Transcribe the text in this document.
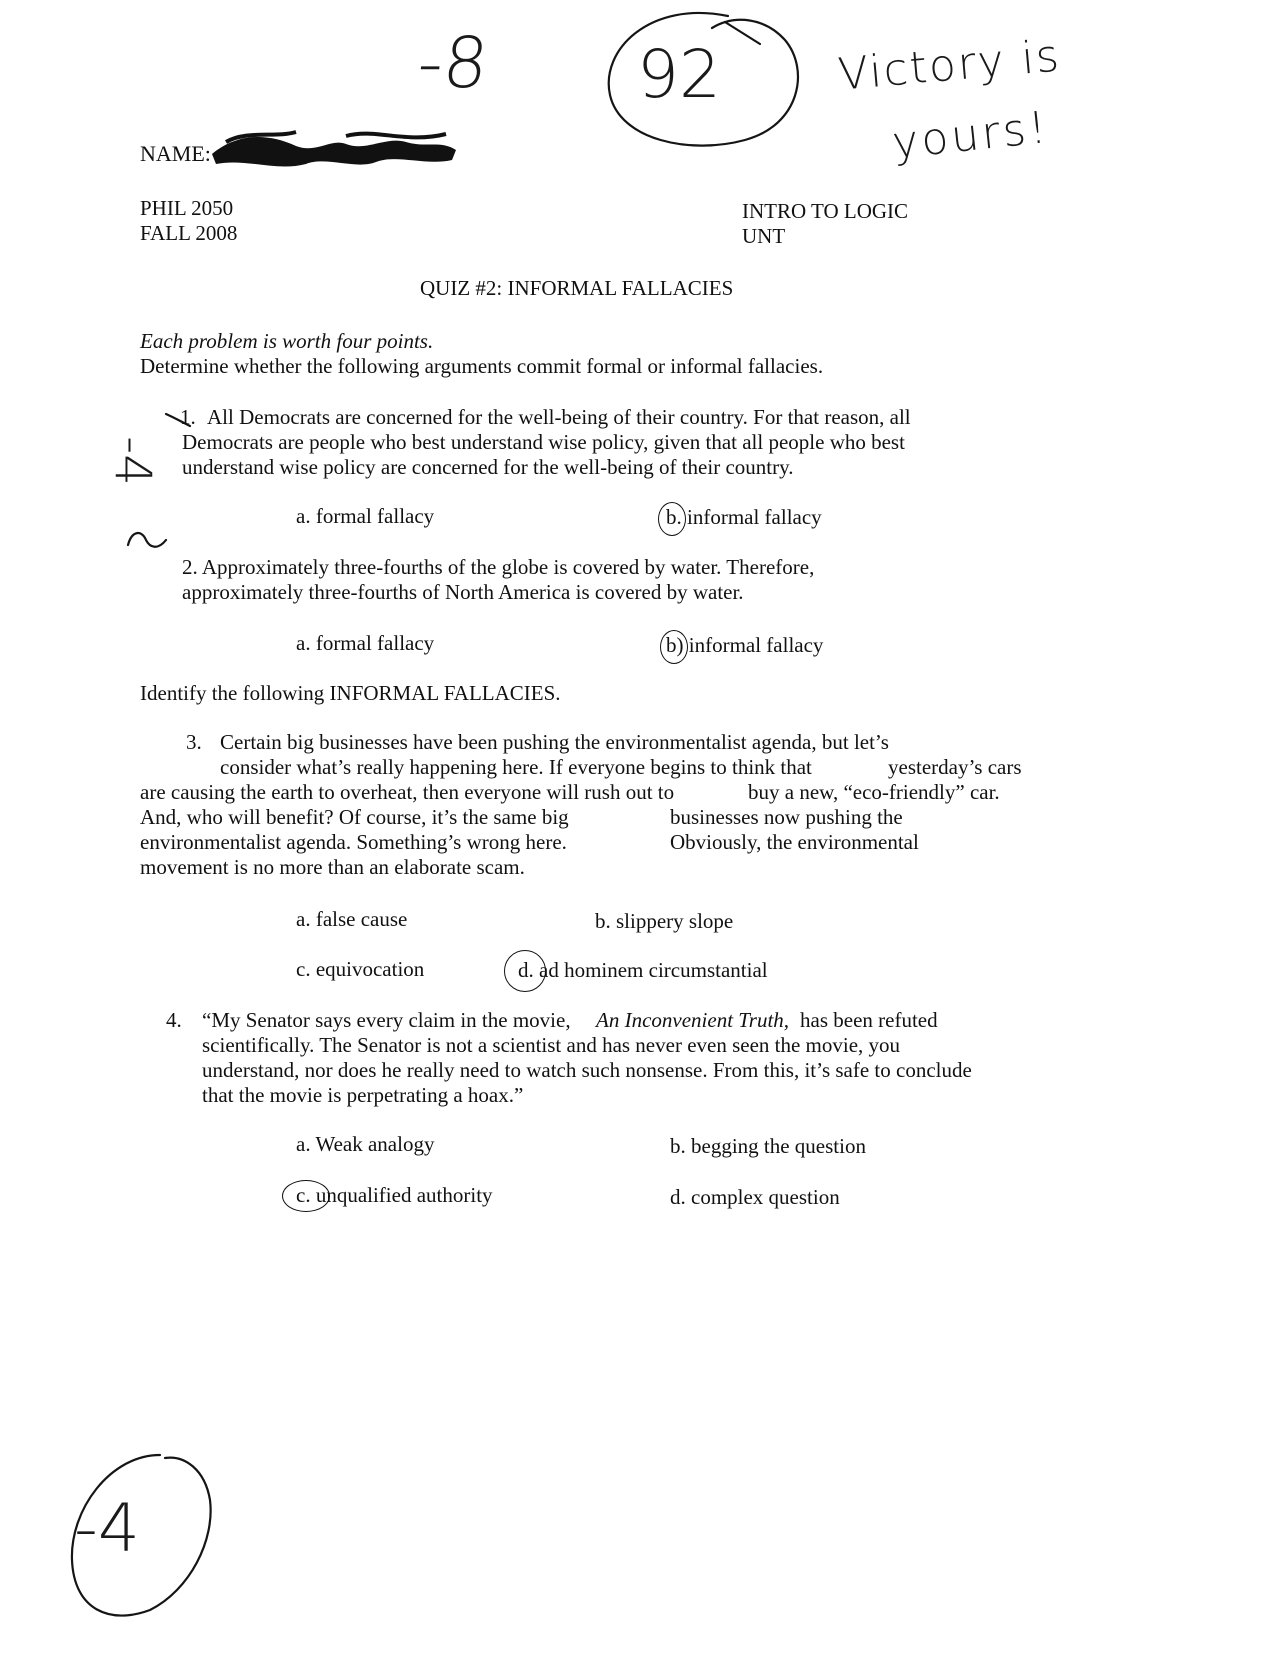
-8 92	Victory is
yours!
-4
-4
NAME:
PHIL 2050
FALL 2008
INTRO TO LOGIC
UNT
QUIZ #2: INFORMAL FALLACIES
Each problem is worth four points.
Determine whether the following arguments commit formal or informal fallacies.
1. All Democrats are concerned for the well-being of their country. For that reason, all
Democrats are people who best understand wise policy, given that all people who best
understand wise policy are concerned for the well-being of their country.
a. formal fallacy	b. informal fallacy
2. Approximately three-fourths of the globe is covered by water. Therefore,
approximately three-fourths of North America is covered by water.
a. formal fallacy	b) informal fallacy
Identify the following INFORMAL FALLACIES.
3. Certain big businesses have been pushing the environmentalist agenda, but let’s
consider what’s really happening here. If everyone begins to think that	yesterday’s cars
are causing the earth to overheat, then everyone will rush out to	buy a new, “eco-friendly” car.
And, who will benefit? Of course, it’s the same big	businesses now pushing the
environmentalist agenda. Something’s wrong here.	Obviously, the environmental
movement is no more than an elaborate scam.
a. false cause	b. slippery slope
c. equivocation	d. ad hominem circumstantial
4. “My Senator says every claim in the movie, An Inconvenient Truth, has been refuted
scientifically. The Senator is not a scientist and has never even seen the movie, you
understand, nor does he really need to watch such nonsense. From this, it’s safe to conclude
that the movie is perpetrating a hoax.”
a. Weak analogy	b. begging the question
c. unqualified authority	d. complex question
